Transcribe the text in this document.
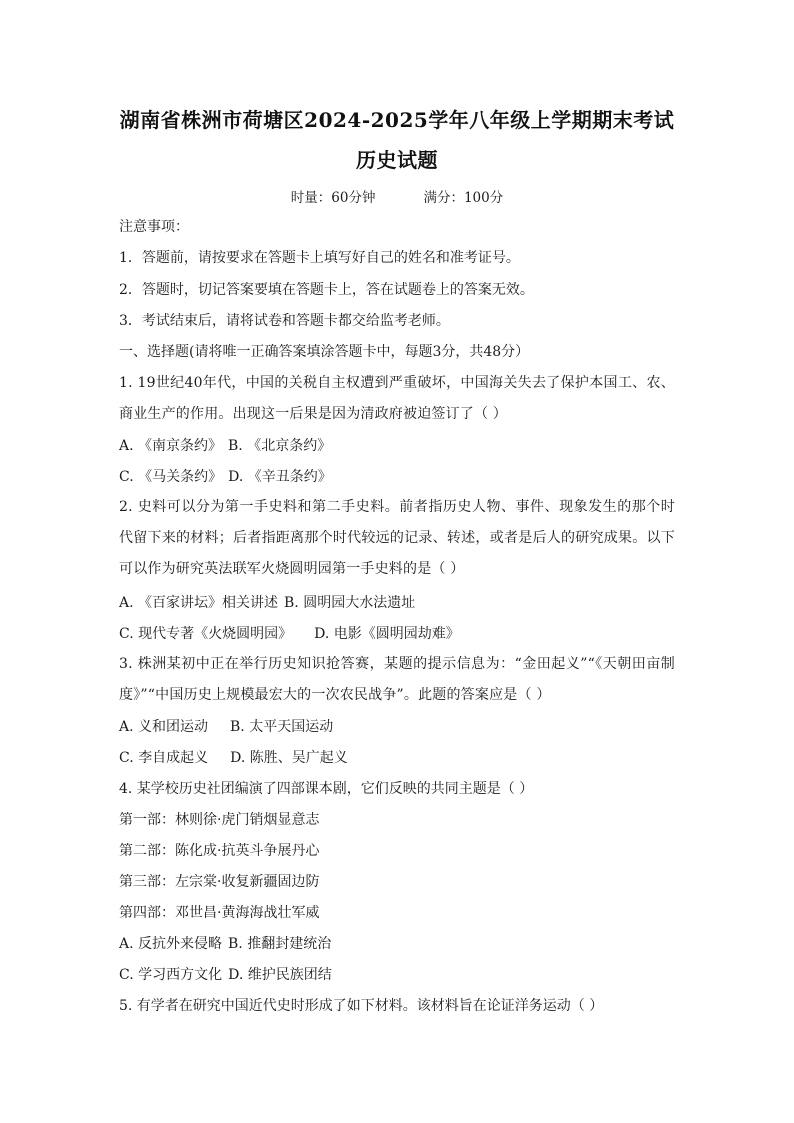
湖南省株洲市荷塘区2024-2025学年八年级上学期期末考试
历史试题
时量：60分钟	满分：100分
注意事项：
1．答题前，请按要求在答题卡上填写好自己的姓名和准考证号。
2．答题时，切记答案要填在答题卡上，答在试题卷上的答案无效。
3．考试结束后，请将试卷和答题卡都交给监考老师。
一、选择题(请将唯一正确答案填涂答题卡中，每题3分，共48分）
1. 19世纪40年代，中国的关税自主权遭到严重破坏，中国海关失去了保护本国工、农、商业生产的作用。出现这一后果是因为清政府被迫签订了（ ）
A. 《南京条约》 B. 《北京条约》
C. 《马关条约》 D. 《辛丑条约》
2. 史料可以分为第一手史料和第二手史料。前者指历史人物、事件、现象发生的那个时代留下来的材料；后者指距离那个时代较远的记录、转述，或者是后人的研究成果。以下可以作为研究英法联军火烧圆明园第一手史料的是（ ）
A. 《百家讲坛》相关讲述 B. 圆明园大水法遗址
C. 现代专著《火烧圆明园》 D. 电影《圆明园劫难》
3. 株洲某初中正在举行历史知识抢答赛，某题的提示信息为：“金田起义”“《天朝田亩制度》”“中国历史上规模最宏大的一次农民战争”。此题的答案应是（ ）
A. 义和团运动 B. 太平天国运动
C. 李自成起义 D. 陈胜、吴广起义
4. 某学校历史社团编演了四部课本剧，它们反映的共同主题是（ ）
第一部：林则徐·虎门销烟显意志
第二部：陈化成·抗英斗争展丹心
第三部：左宗棠·收复新疆固边防
第四部：邓世昌·黄海海战壮军威
A. 反抗外来侵略 B. 推翻封建统治
C. 学习西方文化 D. 维护民族团结
5. 有学者在研究中国近代史时形成了如下材料。该材料旨在论证洋务运动（ ）
